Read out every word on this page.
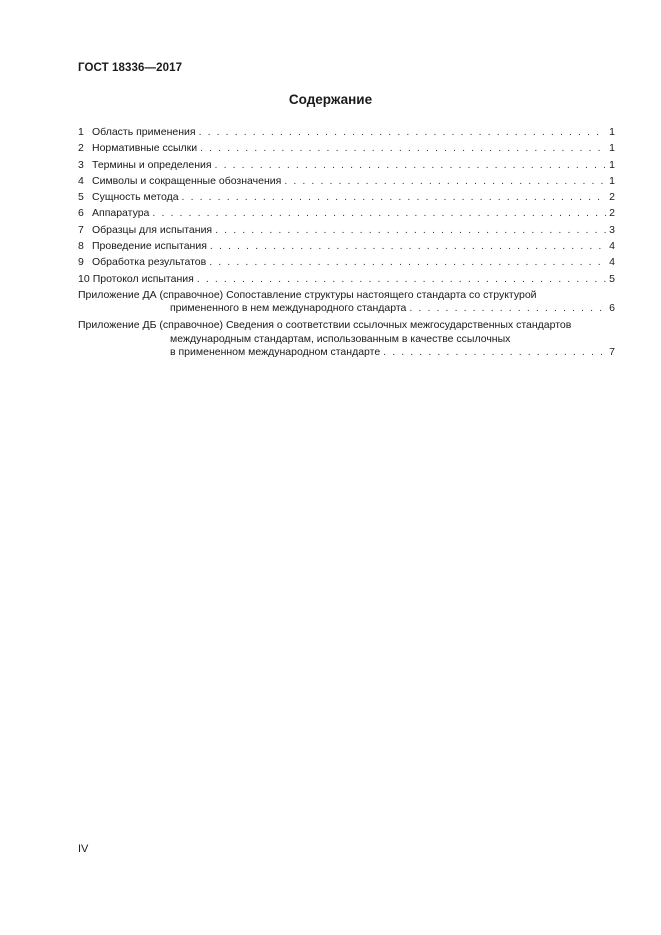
ГОСТ 18336—2017
Содержание
1 Область применения . . .	1
2 Нормативные ссылки . . .	1
3 Термины и определения . . .	1
4 Символы и сокращенные обозначения . . .	1
5 Сущность метода . . .	2
6 Аппаратура . . .	2
7 Образцы для испытания . . .	3
8 Проведение испытания . . .	4
9 Обработка результатов . . .	4
10 Протокол испытания . . .	5
Приложение ДА (справочное) Сопоставление структуры настоящего стандарта со структурой
примененного в нем международного стандарта . . .	6
Приложение ДБ (справочное) Сведения о соответствии ссылочных межгосударственных стандартов
международным стандартам, использованным в качестве ссылочных
в примененном международном стандарте . . .	7
IV
